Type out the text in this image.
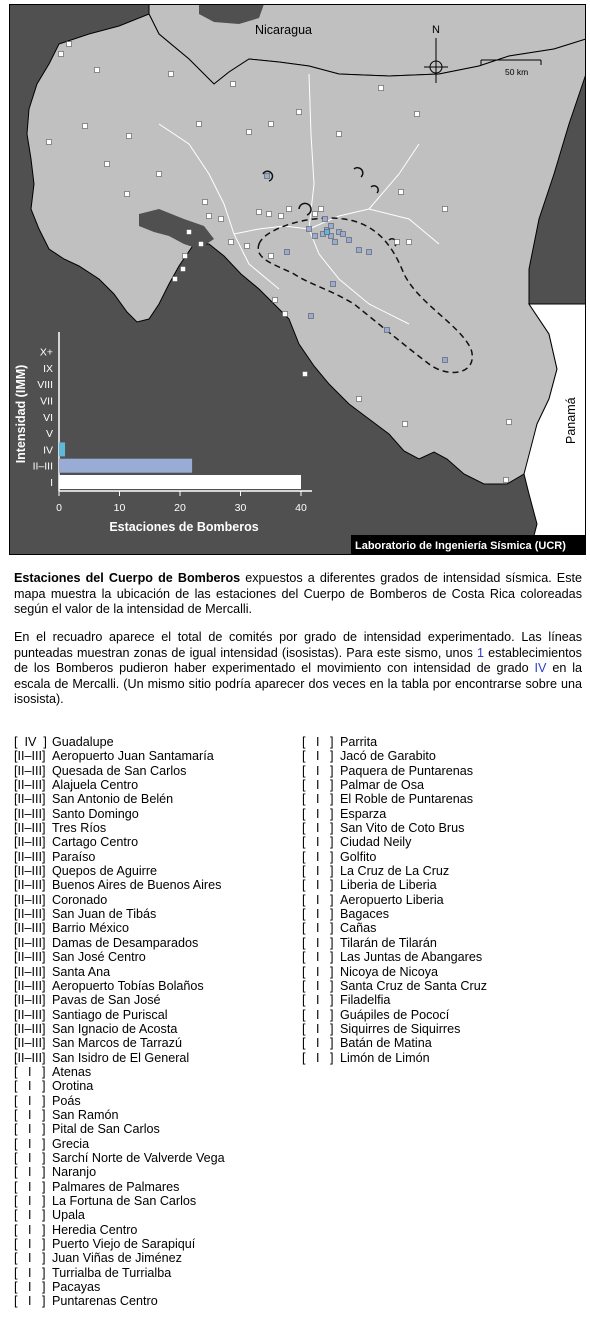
Nicaragua
Panamá
N
50 km
Intensidad (IMM)
I
II–III
IV
V
VI
VII
VIII
IX
X+
0	10	20	30	40
Estaciones de Bomberos
Laboratorio de Ingeniería Sísmica (UCR)
Estaciones del Cuerpo de Bomberos expuestos a diferentes grados de intensidad sísmica. Este mapa muestra la ubicación de las estaciones del Cuerpo de Bomberos de Costa Rica coloreadas según el valor de la intensidad de Mercalli.
En el recuadro aparece el total de comités por grado de intensidad experimentado. Las líneas punteadas muestran zonas de igual intensidad (isosistas). Para este sismo, unos 1 establecimientos de los Bomberos pudieron haber experimentado el movimiento con intensidad de grado IV en la escala de Mercalli. (Un mismo sitio podría aparecer dos veces en la tabla por encontrarse sobre una isosista).
[  IV  ] Guadalupe
[II–III] Aeropuerto Juan Santamaría
[II–III] Quesada de San Carlos
[II–III] Alajuela Centro
[II–III] San Antonio de Belén
[II–III] Santo Domingo
[II–III] Tres Ríos
[II–III] Cartago Centro
[II–III] Paraíso
[II–III] Quepos de Aguirre
[II–III] Buenos Aires de Buenos Aires
[II–III] Coronado
[II–III] San Juan de Tibás
[II–III] Barrio México
[II–III] Damas de Desamparados
[II–III] San José Centro
[II–III] Santa Ana
[II–III] Aeropuerto Tobías Bolaños
[II–III] Pavas de San José
[II–III] Santiago de Puriscal
[II–III] San Ignacio de Acosta
[II–III] San Marcos de Tarrazú
[II–III] San Isidro de El General
[   I   ] Atenas
[   I   ] Orotina
[   I   ] Poás
[   I   ] San Ramón
[   I   ] Pital de San Carlos
[   I   ] Grecia
[   I   ] Sarchí Norte de Valverde Vega
[   I   ] Naranjo
[   I   ] Palmares de Palmares
[   I   ] La Fortuna de San Carlos
[   I   ] Upala
[   I   ] Heredia Centro
[   I   ] Puerto Viejo de Sarapiquí
[   I   ] Juan Viñas de Jiménez
[   I   ] Turrialba de Turrialba
[   I   ] Pacayas
[   I   ] Puntarenas Centro
[   I   ] Parrita
[   I   ] Jacó de Garabito
[   I   ] Paquera de Puntarenas
[   I   ] Palmar de Osa
[   I   ] El Roble de Puntarenas
[   I   ] Esparza
[   I   ] San Vito de Coto Brus
[   I   ] Ciudad Neily
[   I   ] Golfito
[   I   ] La Cruz de La Cruz
[   I   ] Liberia de Liberia
[   I   ] Aeropuerto Liberia
[   I   ] Bagaces
[   I   ] Cañas
[   I   ] Tilarán de Tilarán
[   I   ] Las Juntas de Abangares
[   I   ] Nicoya de Nicoya
[   I   ] Santa Cruz de Santa Cruz
[   I   ] Filadelfia
[   I   ] Guápiles de Pococí
[   I   ] Siquirres de Siquirres
[   I   ] Batán de Matina
[   I   ] Limón de Limón
